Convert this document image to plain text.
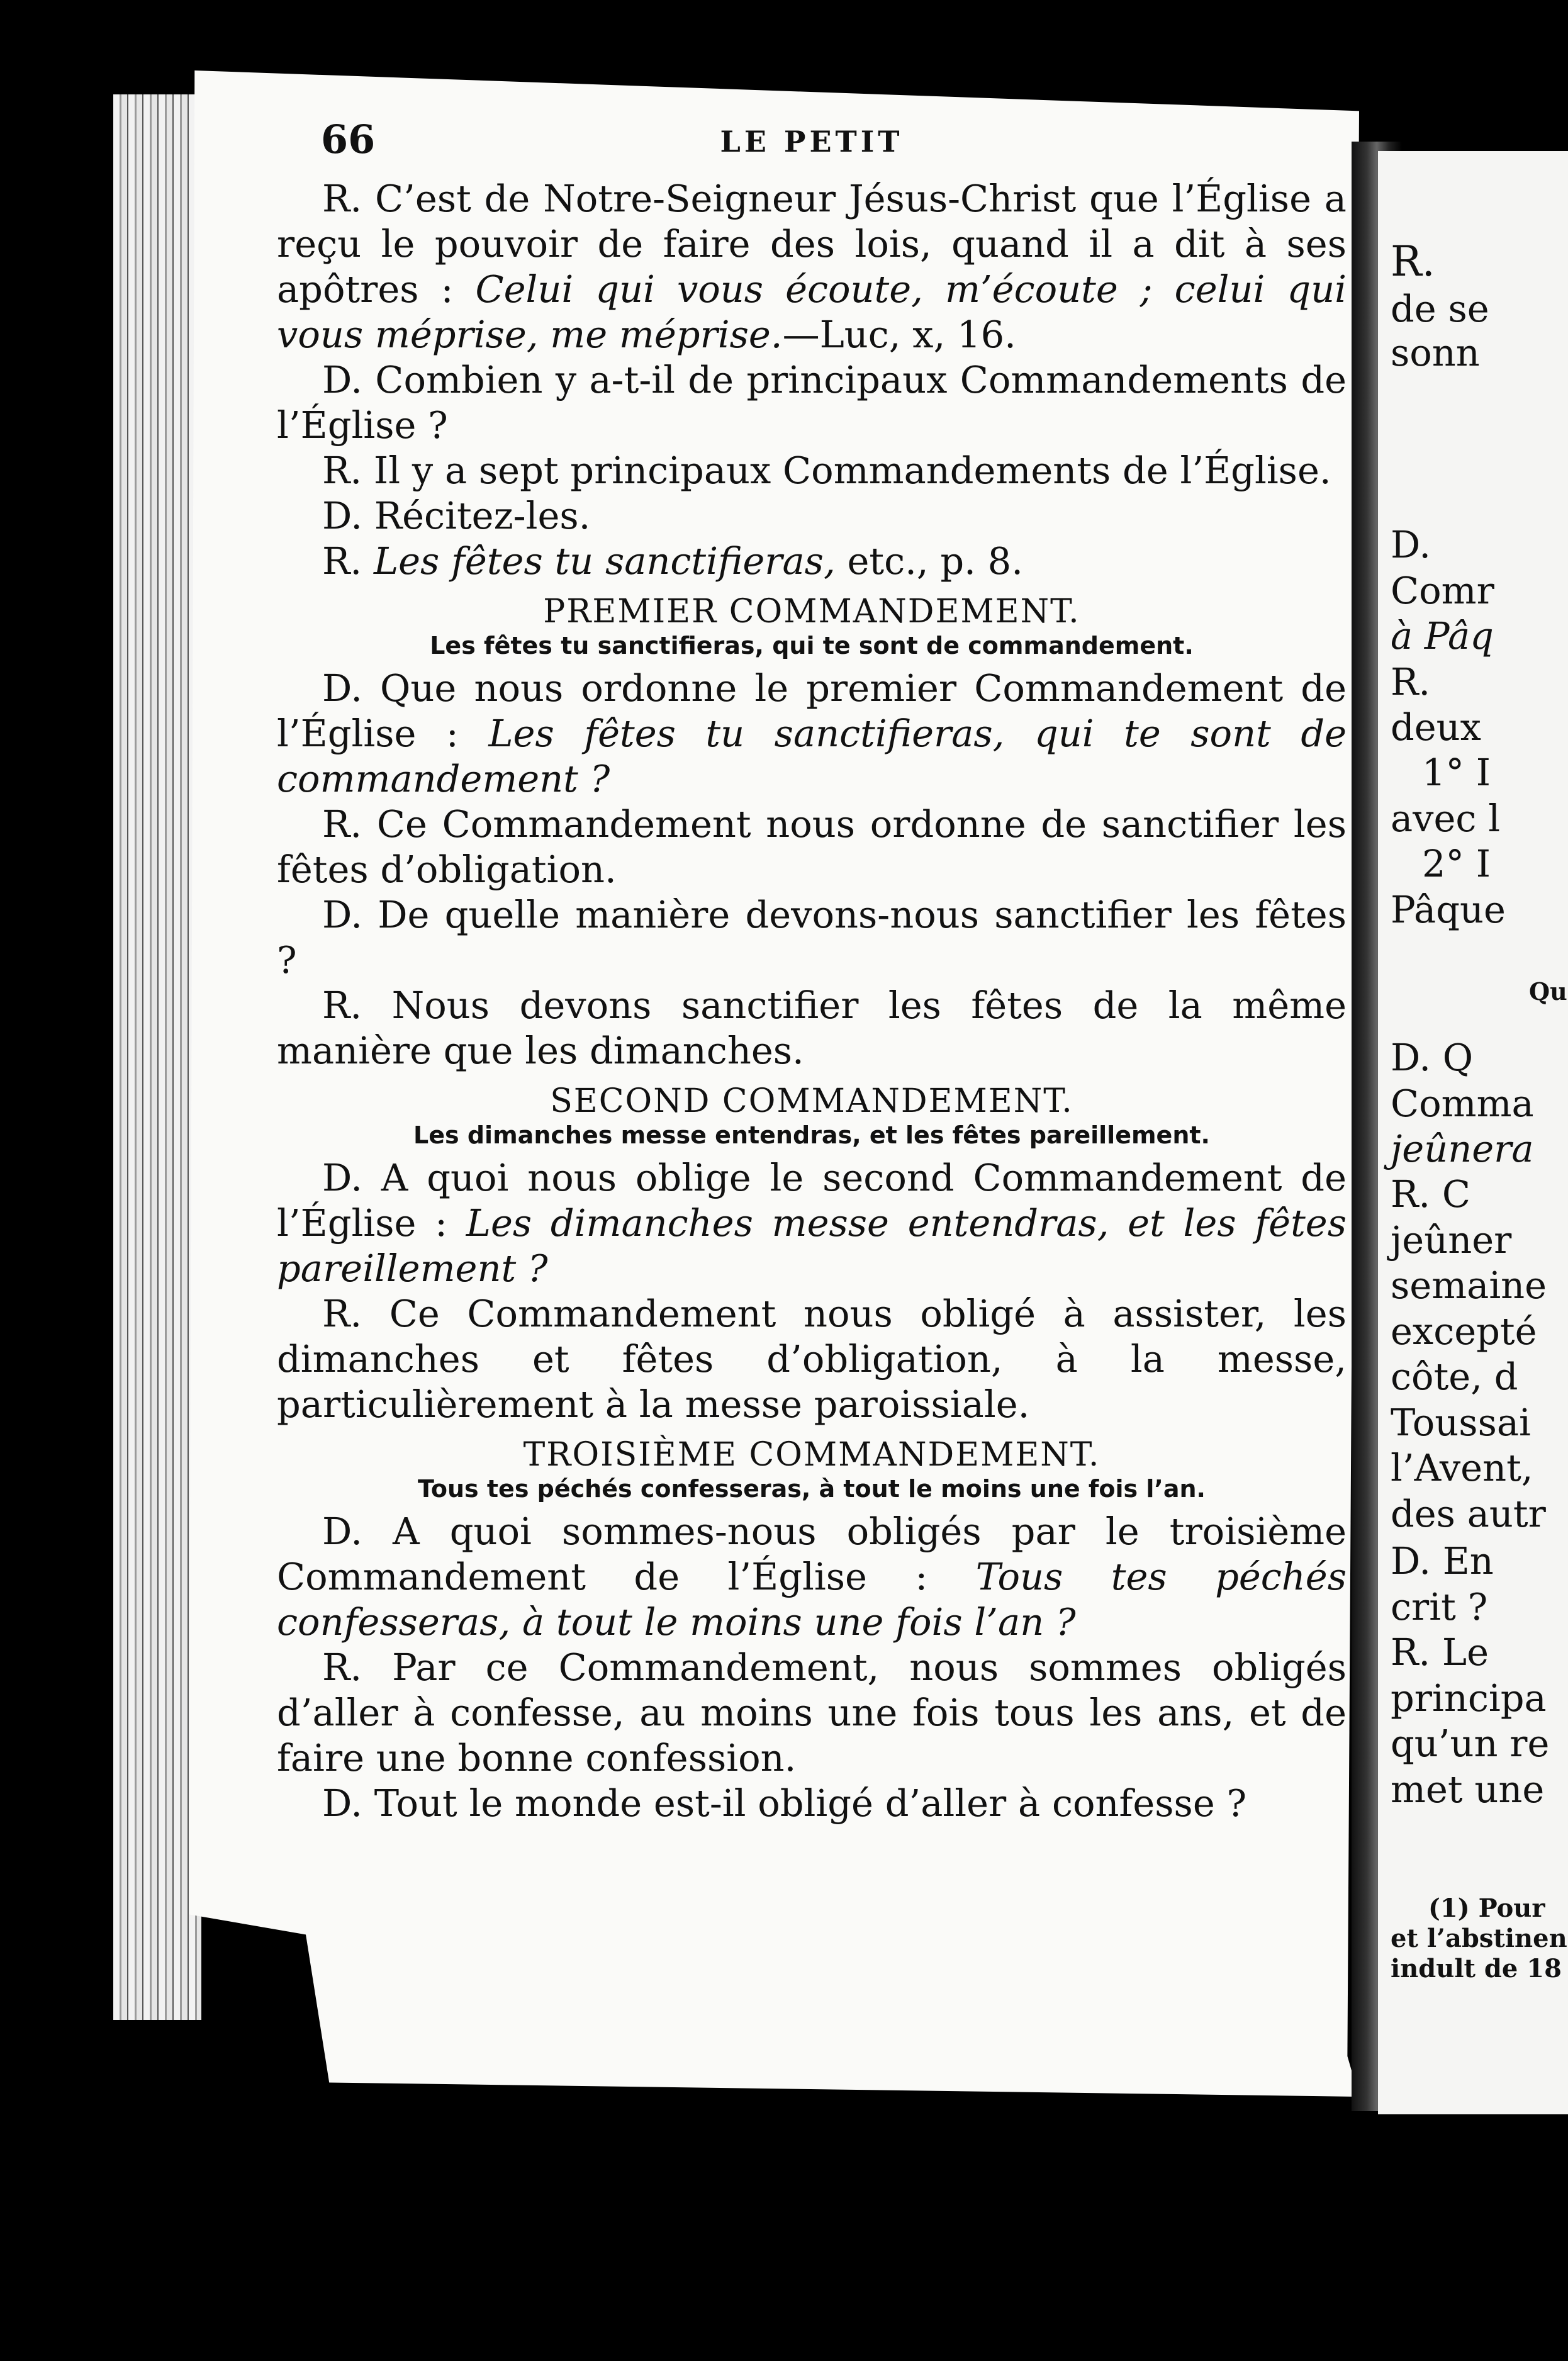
R.
de se
sonn
D.
Comr
à Pâq
R.
deux
1° I
avec l
2° I
Pâque
Qu
D. Q
Comma
jeûnera
R. C
jeûner
semaine
excepté
côte, d
Toussai
l’Avent,
des autr
D. En
crit ?
R. Le
principa
qu’un re
met une
(1) Pour
et l’abstinen
indult de 18
66	LE PETIT

R. C’est de Notre-Seigneur Jésus-Christ que l’Église a reçu le pouvoir de faire des lois, quand il a dit à ses apôtres : Celui qui vous écoute, m’écoute ; celui qui vous méprise, me méprise.—Luc, x, 16.

D. Combien y a-t-il de principaux Commandements de l’Église ?

R. Il y a sept principaux Commandements de l’Église.

D. Récitez-les.

R. Les fêtes tu sanctifieras, etc., p. 8.

PREMIER COMMANDEMENT.
Les fêtes tu sanctifieras, qui te sont de commandement.

D. Que nous ordonne le premier Commandement de l’Église : Les fêtes tu sanctifieras, qui te sont de commandement ?

R. Ce Commandement nous ordonne de sanctifier les fêtes d’obligation.

D. De quelle manière devons-nous sanctifier les fêtes ?

R. Nous devons sanctifier les fêtes de la même manière que les dimanches.

SECOND COMMANDEMENT.
Les dimanches messe entendras, et les fêtes pareillement.

D. A quoi nous oblige le second Commandement de l’Église : Les dimanches messe entendras, et les fêtes pareillement ?

R. Ce Commandement nous obligé à assister, les dimanches et fêtes d’obligation, à la messe, particulièrement à la messe paroissiale.

TROISIÈME COMMANDEMENT.
Tous tes péchés confesseras, à tout le moins une fois l’an.

D. A quoi sommes-nous obligés par le troisième Commandement de l’Église : Tous tes péchés confesseras, à tout le moins une fois l’an ?

R. Par ce Commandement, nous sommes obligés d’aller à confesse, au moins une fois tous les ans, et de faire une bonne confession.

D. Tout le monde est-il obligé d’aller à confesse ?
